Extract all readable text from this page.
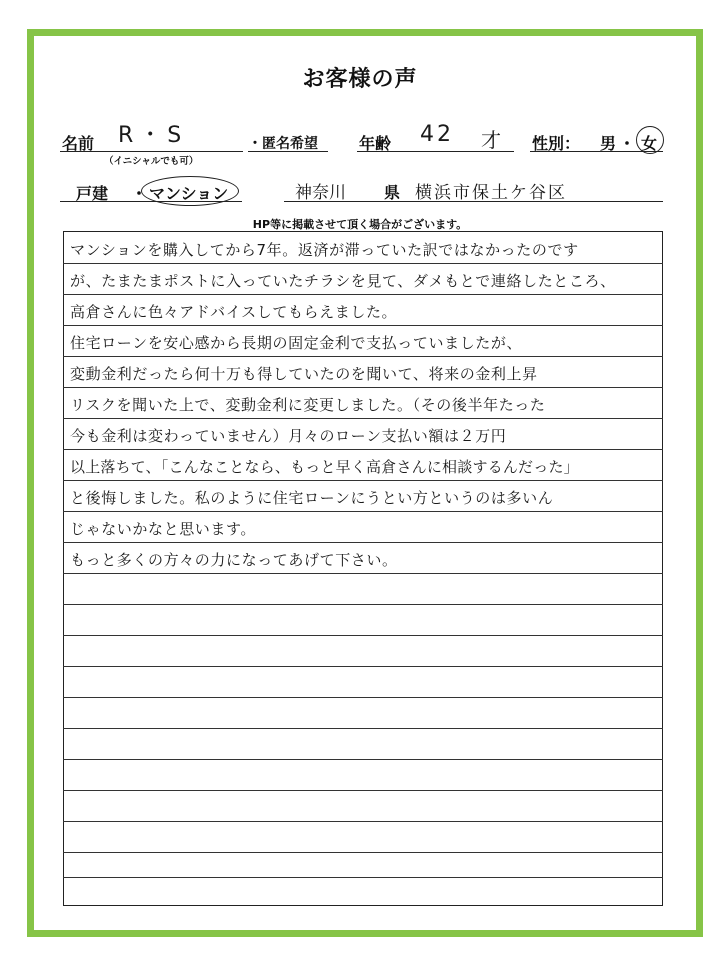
お客様の声
名前 R・S
（イニシャルでも可）
・匿名希望	年齢 42 才 性別： 男 ・ 女
戸建 ・ マンション	神奈川 県 横浜市保土ケ谷区
HP等に掲載させて頂く場合がございます。
マンションを購入してから7年。返済が滞っていた訳ではなかったのです
が、たまたまポストに入っていたチラシを見て、ダメもとで連絡したところ、
高倉さんに色々アドバイスしてもらえました。
住宅ローンを安心感から長期の固定金利で支払っていましたが、
変動金利だったら何十万も得していたのを聞いて、将来の金利上昇
リスクを聞いた上で、変動金利に変更しました。（その後半年たった
今も金利は変わっていません）月々のローン支払い額は２万円
以上落ちて、「こんなことなら、もっと早く高倉さんに相談するんだった」
と後悔しました。私のように住宅ローンにうとい方というのは多いん
じゃないかなと思います。
もっと多くの方々の力になってあげて下さい。
